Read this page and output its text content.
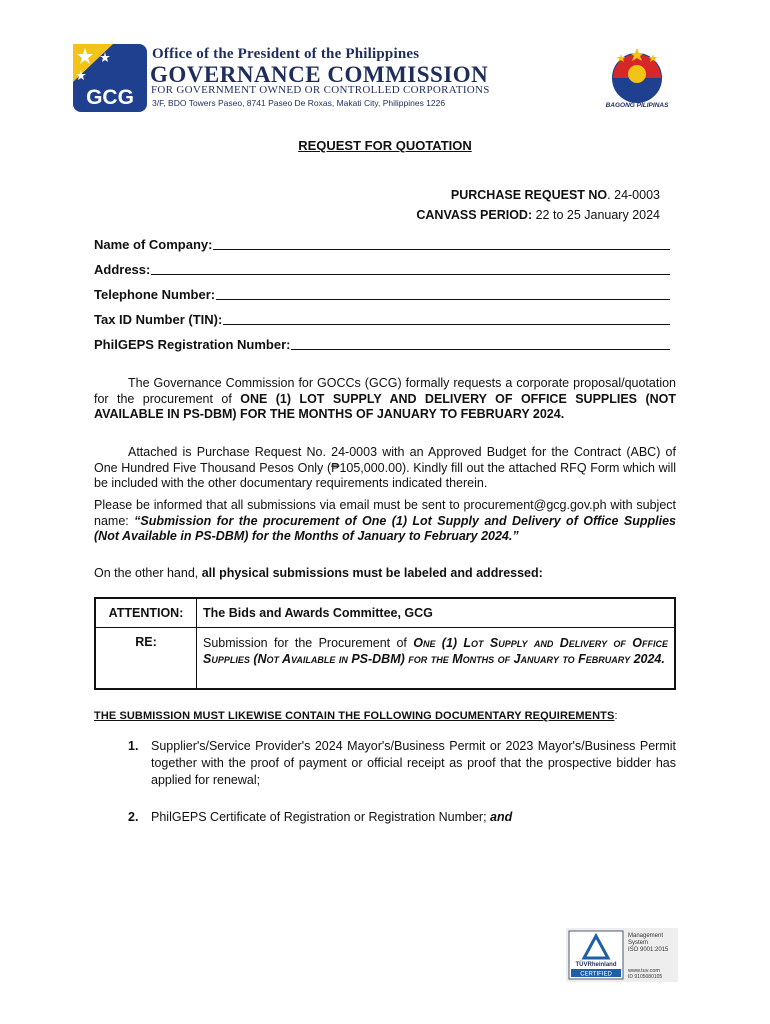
GCG
Office of the President of the Philippines
GOVERNANCE COMMISSION
FOR GOVERNMENT OWNED OR CONTROLLED CORPORATIONS
3/F, BDO Towers Paseo, 8741 Paseo De Roxas, Makati City, Philippines 1226	BAGONG PILIPINAS
REQUEST FOR QUOTATION
PURCHASE REQUEST NO. 24-0003
CANVASS PERIOD: 22 to 25 January 2024
Name of Company:
Address:
Telephone Number:
Tax ID Number (TIN):
PhilGEPS Registration Number:
The Governance Commission for GOCCs (GCG) formally requests a corporate proposal/quotation for the procurement of ONE (1) LOT SUPPLY AND DELIVERY OF OFFICE SUPPLIES (NOT AVAILABLE IN PS-DBM) FOR THE MONTHS OF JANUARY TO FEBRUARY 2024.
Attached is Purchase Request No. 24-0003 with an Approved Budget for the Contract (ABC) of One Hundred Five Thousand Pesos Only (₱105,000.00). Kindly fill out the attached RFQ Form which will be included with the other documentary requirements indicated therein.
Please be informed that all submissions via email must be sent to procurement@gcg.gov.ph with subject name: “Submission for the procurement of One (1) Lot Supply and Delivery of Office Supplies (Not Available in PS-DBM) for the Months of January to February 2024.”
On the other hand, all physical submissions must be labeled and addressed:
ATTENTION:	The Bids and Awards Committee, GCG
RE:	Submission for the Procurement of One (1) Lot Supply and Delivery of Office Supplies (Not Available in PS-DBM) for the Months of January to February 2024.
THE SUBMISSION MUST LIKEWISE CONTAIN THE FOLLOWING DOCUMENTARY REQUIREMENTS:
1.	Supplier's/Service Provider's 2024 Mayor's/Business Permit or 2023 Mayor's/Business Permit together with the proof of payment or official receipt as proof that the prospective bidder has applied for renewal;
2.	PhilGEPS Certificate of Registration or Registration Number; and
TÜVRheinland
CERTIFIED
Management
System
ISO 9001:2015
www.tuv.com
ID 9105080105
